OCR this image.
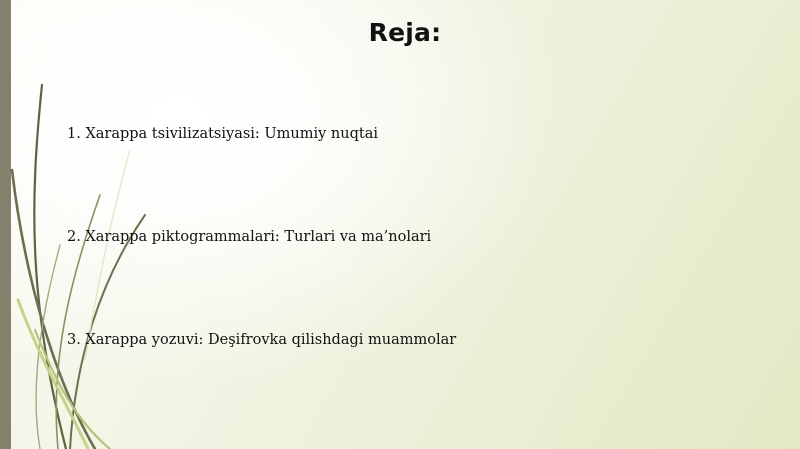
Reja:
1. Xarappa tsivilizatsiyasi: Umumiy nuqtai
2. Xarappa piktogrammalari: Turlari va ma’nolari
3. Xarappa yozuvi: Deşifrovka qilishdagi muammolar
